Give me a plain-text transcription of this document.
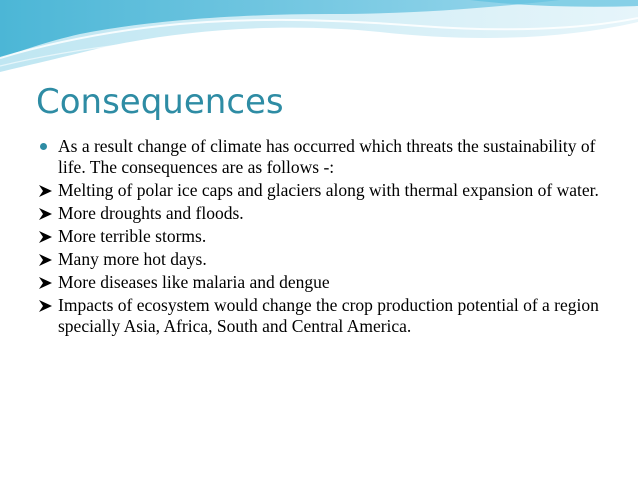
Consequences
As a result change of climate has occurred which threats the sustainability of life. The consequences are as follows -:
Melting of polar ice caps and glaciers along with thermal expansion of water.
More droughts and floods.
More terrible storms.
Many more hot days.
More diseases like malaria and dengue
Impacts of ecosystem would change the crop production potential of a region specially Asia, Africa, South and Central America.
